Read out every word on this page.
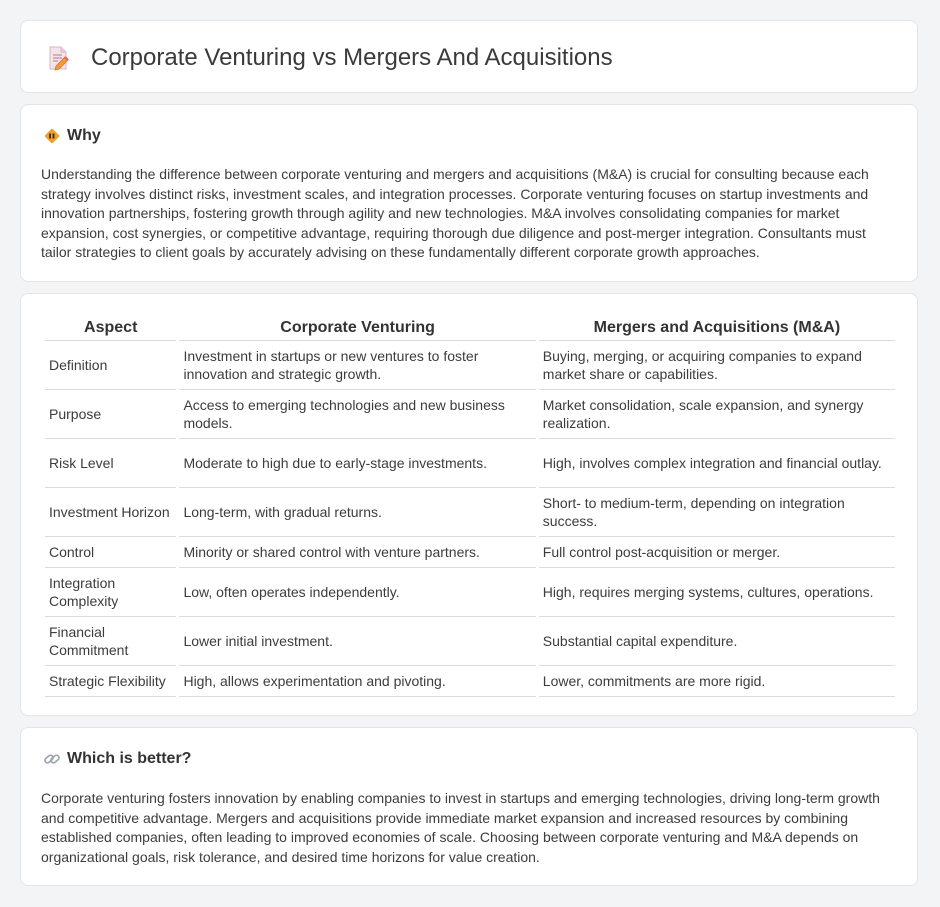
Corporate Venturing vs Mergers And Acquisitions
Why

Understanding the difference between corporate venturing and mergers and acquisitions (M&A) is crucial for consulting because each strategy involves distinct risks, investment scales, and integration processes. Corporate venturing focuses on startup investments and innovation partnerships, fostering growth through agility and new technologies. M&A involves consolidating companies for market expansion, cost synergies, or competitive advantage, requiring thorough due diligence and post-merger integration. Consultants must tailor strategies to client goals by accurately advising on these fundamentally different corporate growth approaches.

Aspect	Corporate Venturing	Mergers and Acquisitions (M&A)
Definition	Investment in startups or new ventures to foster innovation and strategic growth.	Buying, merging, or acquiring companies to expand market share or capabilities.
Purpose	Access to emerging technologies and new business models.	Market consolidation, scale expansion, and synergy realization.
Risk Level	Moderate to high due to early-stage investments.	High, involves complex integration and financial outlay.
Investment Horizon	Long-term, with gradual returns.	Short- to medium-term, depending on integration success.
Control	Minority or shared control with venture partners.	Full control post-acquisition or merger.
Integration Complexity	Low, often operates independently.	High, requires merging systems, cultures, operations.
Financial Commitment	Lower initial investment.	Substantial capital expenditure.
Strategic Flexibility	High, allows experimentation and pivoting.	Lower, commitments are more rigid.
Which is better?

Corporate venturing fosters innovation by enabling companies to invest in startups and emerging technologies, driving long-term growth and competitive advantage. Mergers and acquisitions provide immediate market expansion and increased resources by combining established companies, often leading to improved economies of scale. Choosing between corporate venturing and M&A depends on organizational goals, risk tolerance, and desired time horizons for value creation.
